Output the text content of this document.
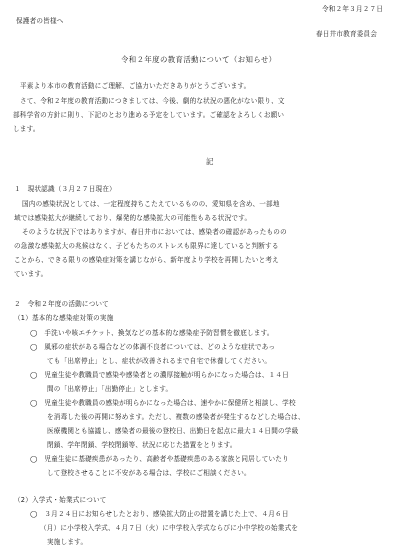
令和２年３月２７日

保護者の皆様へ

春日井市教育委員会

令和２年度の教育活動について（お知らせ）

平素より本市の教育活動にご理解、ご協力いただきありがとうございます。

さて、令和２年度の教育活動につきましては、今後、劇的な状況の悪化がない限り、文

部科学省の方針に則り、下記のとおり進める予定をしています。ご確認をよろしくお願い

します。

記

１　現状認識（３月２７日現在）

国内の感染状況としては、一定程度持ちこたえているものの、愛知県を含め、一部地

域では感染拡大が継続しており、爆発的な感染拡大の可能性もある状況です。

そのような状況下ではありますが、春日井市においては、感染者の確認があったものの

の急激な感染拡大の兆候はなく、子どもたちのストレスも限界に達していると判断する

ことから、できる限りの感染症対策を講じながら、新年度より学校を再開したいと考え

ています。

２　令和２年度の活動について

（1）基本的な感染症対策の実施

◯　手洗いや咳エチケット、換気などの基本的な感染症予防習慣を徹底します。

◯　風邪の症状がある場合などの体調不良者については、どのような症状であっ

ても「出席停止」とし、症状が改善されるまで自宅で休養してください。

◯　児童生徒や教職員で感染や感染者との濃厚接触が明らかになった場合は、１４日

間の「出席停止」「出勤停止」とします。

◯　児童生徒や教職員の感染が明らかになった場合は、速やかに保健所と相談し、学校

を消毒した後の再開に努めます。ただし、複数の感染者が発生するなどした場合は、

医療機関とも協議し、感染者の最後の登校日、出勤日を起点に最大１４日間の学級

閉鎖、学年閉鎖、学校閉鎖等、状況に応じた措置をとります。

◯　児童生徒に基礎疾患があったり、高齢者や基礎疾患のある家族と同居していたり

して登校させることに不安がある場合は、学校にご相談ください。

（2）入学式・始業式について

◯　３月２４日にお知らせしたとおり、感染拡大防止の措置を講じた上で、４月６日

（月）に小学校入学式、４月７日（火）に中学校入学式ならびに小中学校の始業式を

実施します。
